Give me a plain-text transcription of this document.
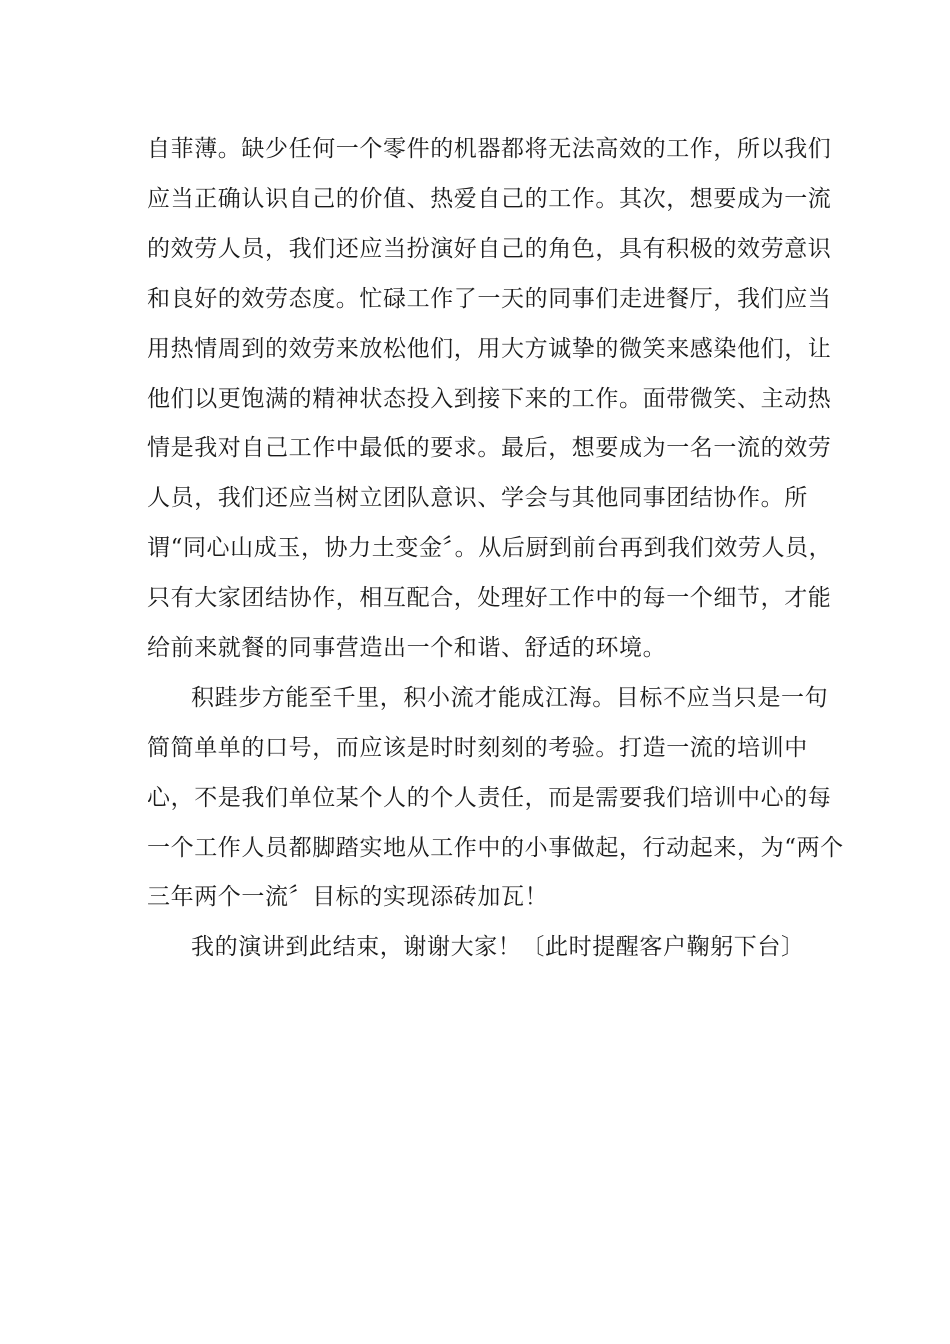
自菲薄。缺少任何一个零件的机器都将无法高效的工作，所以我们
应当正确认识自己的价值、热爱自己的工作。其次，想要成为一流
的效劳人员，我们还应当扮演好自己的角色，具有积极的效劳意识
和良好的效劳态度。忙碌工作了一天的同事们走进餐厅，我们应当
用热情周到的效劳来放松他们，用大方诚挚的微笑来感染他们，让
他们以更饱满的精神状态投入到接下来的工作。面带微笑、主动热
情是我对自己工作中最低的要求。最后，想要成为一名一流的效劳
人员，我们还应当树立团队意识、学会与其他同事团结协作。所
谓“同心山成玉，协力土变金〞。从后厨到前台再到我们效劳人员，
只有大家团结协作，相互配合，处理好工作中的每一个细节，才能
给前来就餐的同事营造出一个和谐、舒适的环境。
积跬步方能至千里，积小流才能成江海。目标不应当只是一句
简简单单的口号，而应该是时时刻刻的考验。打造一流的培训中
心，不是我们单位某个人的个人责任，而是需要我们培训中心的每
一个工作人员都脚踏实地从工作中的小事做起，行动起来，为“两个
三年两个一流〞目标的实现添砖加瓦！
我的演讲到此结束，谢谢大家！〔此时提醒客户鞠躬下台〕
